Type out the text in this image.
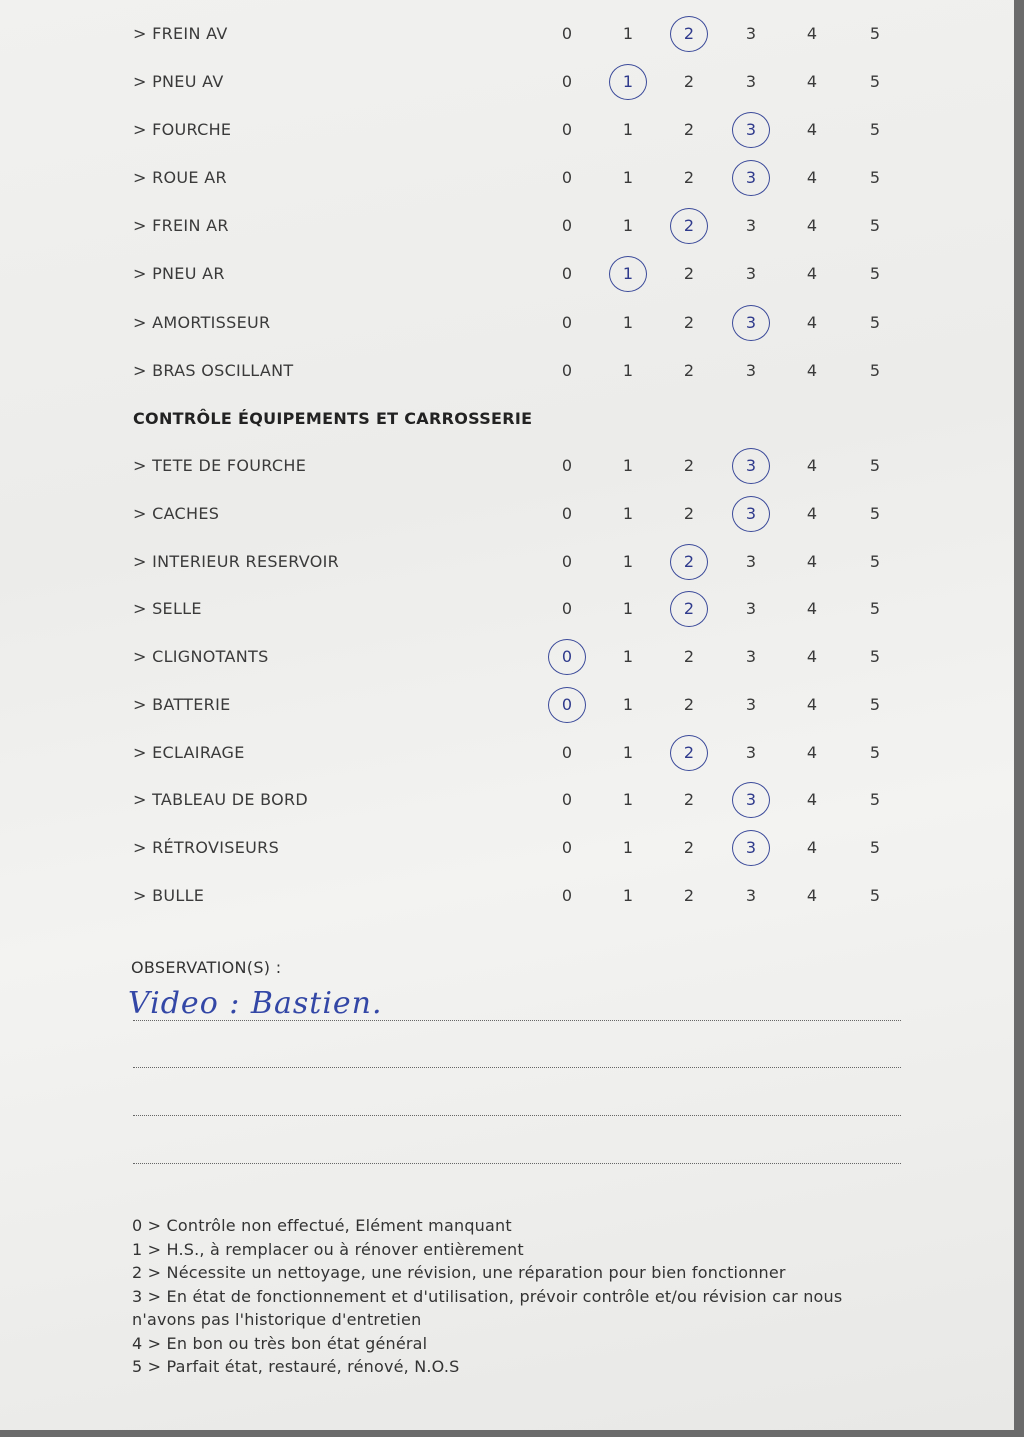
> FREIN AV	0	1	2	3	4	5
> PNEU AV	0	1	2	3	4	5
> FOURCHE	0	1	2	3	4	5
> ROUE AR	0	1	2	3	4	5
> FREIN AR	0	1	2	3	4	5
> PNEU AR	0	1	2	3	4	5
> AMORTISSEUR	0	1	2	3	4	5
> BRAS OSCILLANT	0	1	2	3	4	5
> TETE DE FOURCHE	0	1	2	3	4	5
> CACHES	0	1	2	3	4	5
> INTERIEUR RESERVOIR	0	1	2	3	4	5
> SELLE	0	1	2	3	4	5
> CLIGNOTANTS	0	1	2	3	4	5
> BATTERIE	0	1	2	3	4	5
> ECLAIRAGE	0	1	2	3	4	5
> TABLEAU DE BORD	0	1	2	3	4	5
> RÉTROVISEURS	0	1	2	3	4	5
> BULLE	0	1	2	3	4	5
CONTRÔLE ÉQUIPEMENTS ET CARROSSERIE
OBSERVATION(S) :
Video : Bastien.
0 > Contrôle non effectué, Elément manquant
1 > H.S., à remplacer ou à rénover entièrement
2 > Nécessite un nettoyage, une révision, une réparation pour bien fonctionner
3 > En état de fonctionnement et d'utilisation, prévoir contrôle et/ou révision car nous n'avons pas l'historique d'entretien
4 > En bon ou très bon état général
5 > Parfait état, restauré, rénové, N.O.S
